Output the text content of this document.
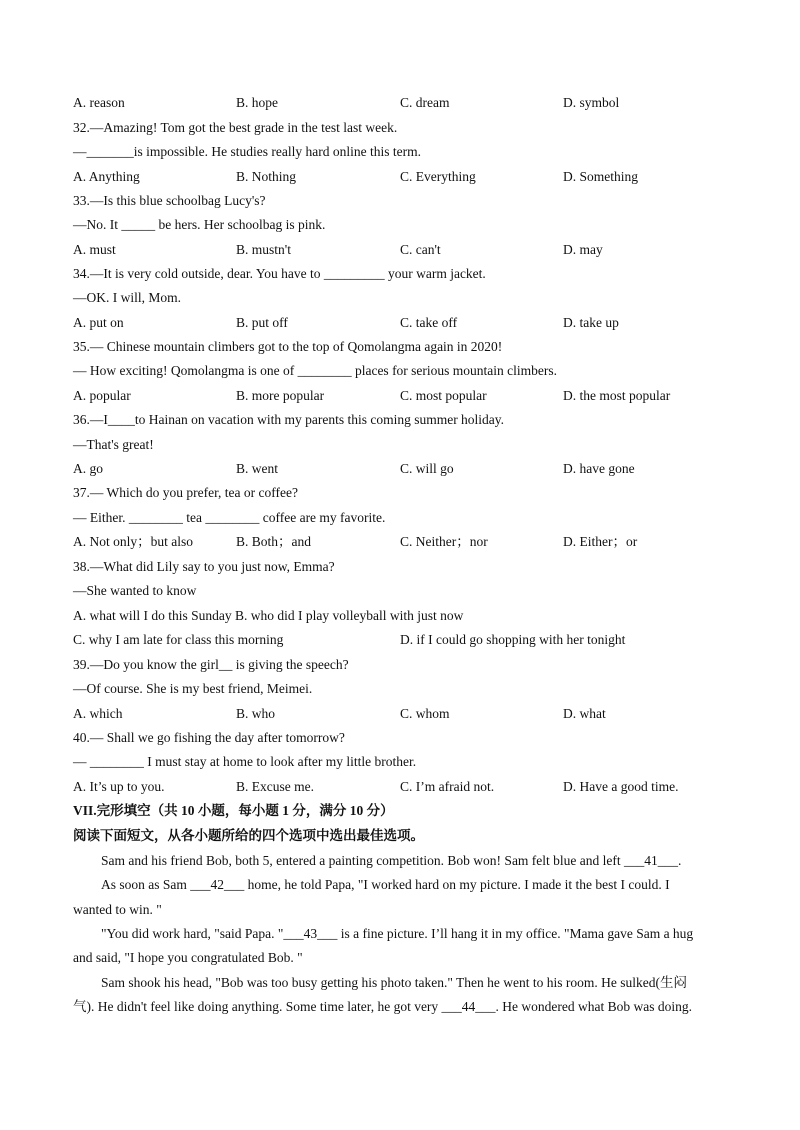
A. reason	B. hope	C. dream	D. symbol
32.—Amazing! Tom got the best grade in the test last week.
—_______is impossible. He studies really hard online this term.
A. Anything	B. Nothing	C. Everything	D. Something
33.—Is this blue schoolbag Lucy's?
—No. It _____ be hers. Her schoolbag is pink.
A. must	B. mustn't	C. can't	D. may
34.—It is very cold outside, dear. You have to _________ your warm jacket.
—OK. I will, Mom.
A. put on	B. put off	C. take off	D. take up
35.— Chinese mountain climbers got to the top of Qomolangma again in 2020!
— How exciting! Qomolangma is one of ________ places for serious mountain climbers.
A. popular	B. more popular	C. most popular	D. the most popular
36.—I____to Hainan on vacation with my parents this coming summer holiday.
—That's great!
A. go	B. went	C. will go	D. have gone
37.— Which do you prefer, tea or coffee?
— Either. ________ tea ________ coffee are my favorite.
A. Not only；but also	B. Both；and	C. Neither；nor	D. Either；or
38.—What did Lily say to you just now, Emma?
—She wanted to know
A. what will I do this Sunday B. who did I play volleyball with just now
C. why I am late for class this morning	D. if I could go shopping with her tonight
39.—Do you know the girl__ is giving the speech?
—Of course. She is my best friend, Meimei.
A. which	B. who	C. whom	D. what
40.— Shall we go fishing the day after tomorrow?
— ________ I must stay at home to look after my little brother.
A. It’s up to you.	B. Excuse me.	C. I’m afraid not.	D. Have a good time.
VII.完形填空（共 10 小题，每小题 1 分，满分 10 分）
阅读下面短文，从各小题所给的四个选项中选出最佳选项。
Sam and his friend Bob, both 5, entered a painting competition. Bob won! Sam felt blue and left ___41___.
As soon as Sam ___42___ home, he told Papa, "I worked hard on my picture. I made it the best I could. I
wanted to win. "
"You did work hard, "said Papa. "___43___ is a fine picture. I’ll hang it in my office. "Mama gave Sam a hug
and said, "I hope you congratulated Bob. "
Sam shook his head, "Bob was too busy getting his photo taken." Then he went to his room. He sulked(生闷
气). He didn't feel like doing anything. Some time later, he got very ___44___. He wondered what Bob was doing.
